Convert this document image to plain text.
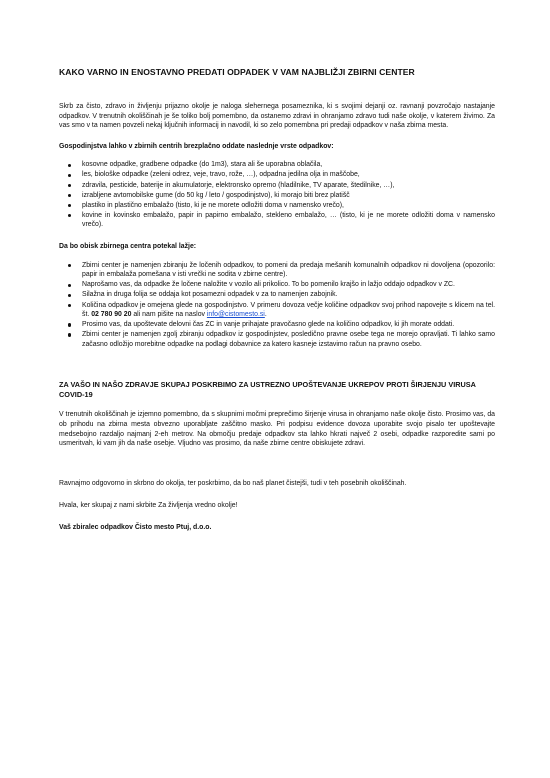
KAKO VARNO IN ENOSTAVNO PREDATI ODPADEK V VAM NAJBLIŽJI ZBIRNI CENTER

Skrb za čisto, zdravo in življenju prijazno okolje je naloga slehernega posameznika, ki s svojimi dejanji oz. ravnanji povzročajo nastajanje odpadkov. V trenutnih okoliščinah je še toliko bolj pomembno, da ostanemo zdravi in ohranjamo zdravo tudi naše okolje, v katerem živimo. Za vas smo v ta namen povzeli nekaj ključnih informacij in navodil, ki so zelo pomembna pri predaji odpadkov v naša zbirna mesta.

Gospodinjstva lahko v zbirnih centrih brezplačno oddate naslednje vrste odpadkov:

kosovne odpadke, gradbene odpadke (do 1m3), stara ali še uporabna oblačila,
les, biološke odpadke (zeleni odrez, veje, travo, rože, …), odpadna jedilna olja in maščobe,
zdravila, pesticide, baterije in akumulatorje, elektronsko opremo (hladilnike, TV aparate, štedilnike, …),
izrabljene avtomobilske gume (do 50 kg / leto / gospodinjstvo), ki morajo biti brez platišč
plastiko in plastično embalažo (tisto, ki je ne morete odložiti doma v namensko vrečo),
kovine in kovinsko embalažo, papir in papirno embalažo, stekleno embalažo, … (tisto, ki je ne morete odložiti doma v namensko vrečo).

Da bo obisk zbirnega centra potekal lažje:

Zbirni center je namenjen zbiranju že ločenih odpadkov, to pomeni da predaja mešanih komunalnih odpadkov ni dovoljena (opozorilo: papir in embalaža pomešana v isti vrečki ne sodita v zbirne centre).
Naprošamo vas, da odpadke že ločene naložite v vozilo ali prikolico. To bo pomenilo krajšo in lažjo oddajo odpadkov v ZC.
Silažna in druga folija se oddaja kot posamezni odpadek v za to namenjen zabojnik.
Količina odpadkov je omejena glede na gospodinjstvo. V primeru dovoza večje količine odpadkov svoj prihod napovejte s klicem na tel. št. 02 780 90 20 ali nam pišite na naslov info@cistomesto.si.
Prosimo vas, da upoštevate delovni čas ZC in vanje prihajate pravočasno glede na količino odpadkov, ki jih morate oddati.
Zbirni center je namenjen zgolj zbiranju odpadkov iz gospodinjstev, posledično pravne osebe tega ne morejo opravljati. Ti lahko samo začasno odložijo morebitne odpadke na podlagi dobavnice za katero kasneje izstavimo račun na pravno osebo.

ZA VAŠO IN NAŠO ZDRAVJE SKUPAJ POSKRBIMO ZA USTREZNO UPOŠTEVANJE UKREPOV PROTI ŠIRJENJU VIRUSA COVID-19

V trenutnih okoliščinah je izjemno pomembno, da s skupnimi močmi preprečimo širjenje virusa in ohranjamo naše okolje čisto. Prosimo vas, da ob prihodu na zbirna mesta obvezno uporabljate zaščitno masko. Pri podpisu evidence dovoza uporabite svojo pisalo ter upoštevajte medsebojno razdaljo najmanj 2-eh metrov. Na območju predaje odpadkov sta lahko hkrati največ 2 osebi, odpadke razporedite sami po usmeritvah, ki vam jih da naše osebje. Vljudno vas prosimo, da naše zbirne centre obiskujete zdravi.

Ravnajmo odgovorno in skrbno do okolja, ter poskrbimo, da bo naš planet čistejši, tudi v teh posebnih okoliščinah.

Hvala, ker skupaj z nami skrbite Za življenja vredno okolje!

Vaš zbiralec odpadkov Čisto mesto Ptuj, d.o.o.
